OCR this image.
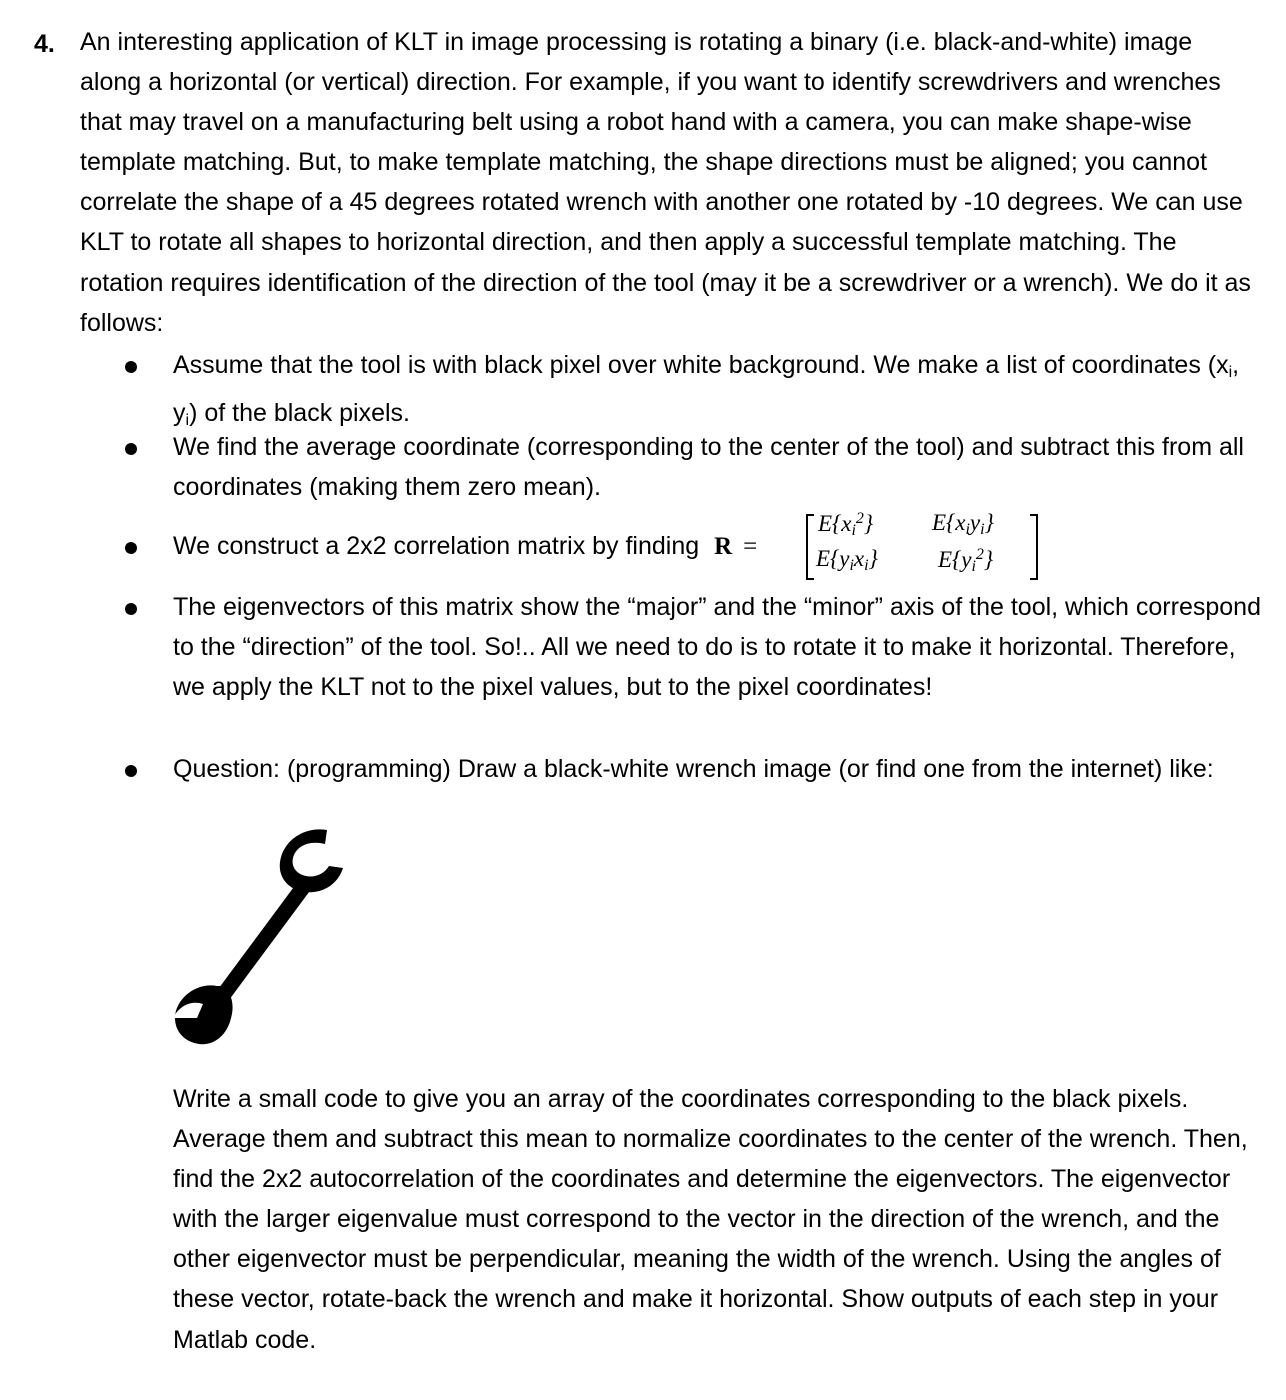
4. An interesting application of KLT in image processing is rotating a binary (i.e. black-and-white) image along a horizontal (or vertical) direction. For example, if you want to identify screwdrivers and wrenches that may travel on a manufacturing belt using a robot hand with a camera, you can make shape-wise template matching. But, to make template matching, the shape directions must be aligned; you cannot correlate the shape of a 45 degrees rotated wrench with another one rotated by -10 degrees. We can use KLT to rotate all shapes to horizontal direction, and then apply a successful template matching. The rotation requires identification of the direction of the tool (may it be a screwdriver or a wrench). We do it as follows:
Assume that the tool is with black pixel over white background. We make a list of coordinates ($x_i$, $y_i$) of the black pixels.
We find the average coordinate (corresponding to the center of the tool) and subtract this from all coordinates (making them zero mean).
We construct a 2x2 correlation matrix by finding R =
$E\{x_i^2\}$	$E\{x_iy_i\}$
$E\{y_ix_i\}$	$E\{y_i^2\}$
The eigenvectors of this matrix show the “major” and the “minor” axis of the tool, which correspond to the “direction” of the tool. So!.. All we need to do is to rotate it to make it horizontal. Therefore, we apply the KLT not to the pixel values, but to the pixel coordinates!
Question: (programming) Draw a black-white wrench image (or find one from the internet) like:
Write a small code to give you an array of the coordinates corresponding to the black pixels. Average them and subtract this mean to normalize coordinates to the center of the wrench. Then, find the 2x2 autocorrelation of the coordinates and determine the eigenvectors. The eigenvector with the larger eigenvalue must correspond to the vector in the direction of the wrench, and the other eigenvector must be perpendicular, meaning the width of the wrench. Using the angles of these vector, rotate-back the wrench and make it horizontal. Show outputs of each step in your Matlab code.
